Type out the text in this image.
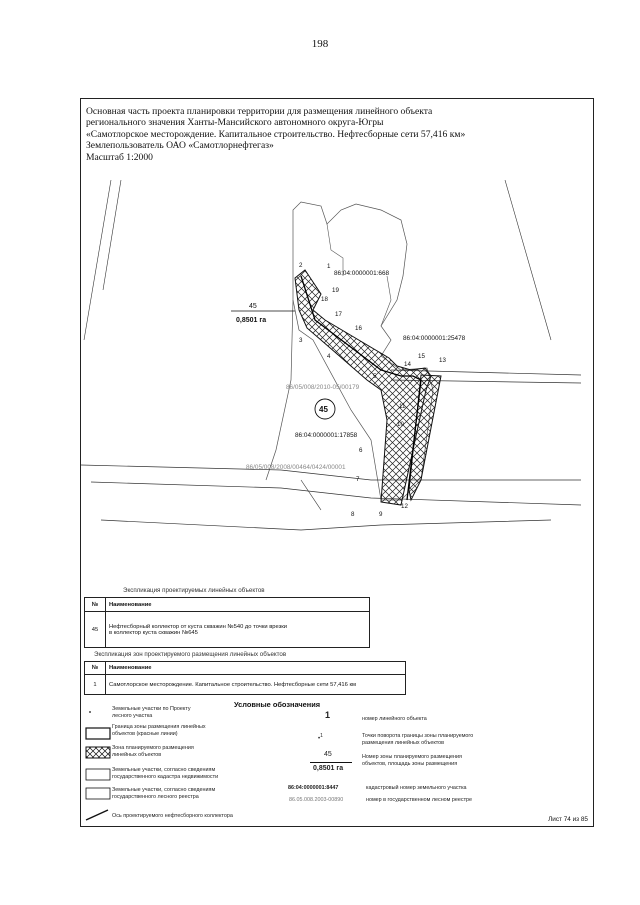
198
Основная часть проекта планировки территории для размещения линейного объекта
регионального значения Ханты-Мансийского автономного округа-Югры
«Самотлорское месторождение. Капитальное строительство. Нефтесборные сети 57,416 км»
Землепользователь ОАО «Самотлорнефтегаз»
Масштаб 1:2000
86:04:0000001:668
86:04:0000001:25478
86:04:0000001:17858
86/05/008/2010-05/00179
86/05/008/2008/00464/0424/00001
45
0,8501 га
45
1
2
3
4
5
6
7
8	9
10
11
12
13
14
15
16
17
18
19
Экспликация проектируемых линейных объектов
№	Наименование
45	Нефтесборный коллектор от куста скважин №540 до точки врезки
в коллектор куста скважин №645
Экспликация зон проектируемого размещения линейных объектов
№	Наименование
1	Самотлорское месторождение. Капитальное строительство. Нефтесборные сети 57,416 км
Условные обозначения
Земельные участки по Проекту
лесного участка
Граница зоны размещения линейных
объектов (красные линии)
Зона планируемого размещения
линейных объектов
Земельные участки, согласно сведениям
государственного кадастра недвижимости
Земельные участки, согласно сведениям
государственного лесного реестра
Ось проектируемого нефтесборного коллектора
1	номер линейного объекта
•$^1$	Точки поворота границы зоны планируемого
размещения линейных объектов
45
0,8501 га
Номер зоны планируемого размещения
объектов, площадь зоны размещения
86:04:0000001:8447	кадастровый номер земельного участка
86.05.008.2003-00890	номер в государственном лесном реестре
Лист 74 из 85
